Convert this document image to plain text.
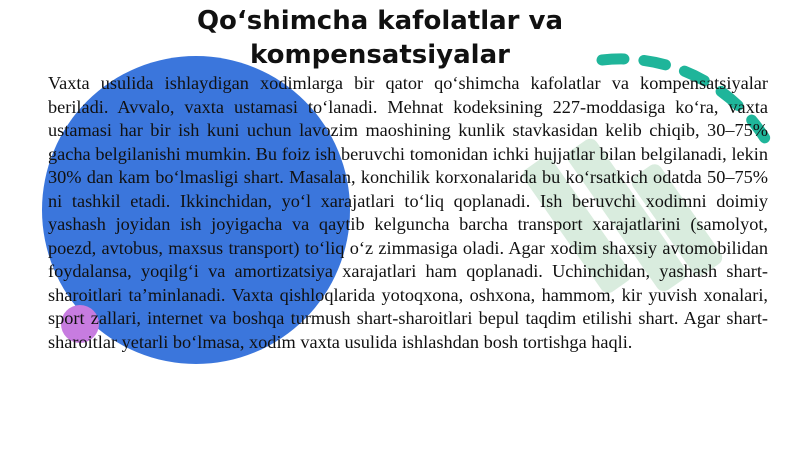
Qo‘shimcha kafolatlar va kompensatsiyalar

Vaxta usulida ishlaydigan xodimlarga bir qator qo‘shimcha kafolatlar va kompensatsiyalar beriladi. Avvalo, vaxta ustamasi to‘lanadi. Mehnat kodeksining 227-moddasiga ko‘ra, vaxta ustamasi har bir ish kuni uchun lavozim maoshining kunlik stavkasidan kelib chiqib, 30–75% gacha belgilanishi mumkin. Bu foiz ish beruvchi tomonidan ichki hujjatlar bilan belgilanadi, lekin 30% dan kam bo‘lmasligi shart. Masalan, konchilik korxonalarida bu ko‘rsatkich odatda 50–75% ni tashkil etadi. Ikkinchidan, yo‘l xarajatlari to‘liq qoplanadi. Ish beruvchi xodimni doimiy yashash joyidan ish joyigacha va qaytib kelguncha barcha transport xarajatlarini (samolyot, poezd, avtobus, maxsus transport) to‘liq o‘z zimmasiga oladi. Agar xodim shaxsiy avtomobilidan foydalansa, yoqilg‘i va amortizatsiya xarajatlari ham qoplanadi. Uchinchidan, yashash shart-sharoitlari ta’minlanadi. Vaxta qishloqlarida yotoqxona, oshxona, hammom, kir yuvish xonalari, sport zallari, internet va boshqa turmush shart-sharoitlari bepul taqdim etilishi shart. Agar shart-sharoitlar yetarli bo‘lmasa, xodim vaxta usulida ishlashdan bosh tortishga haqli.
